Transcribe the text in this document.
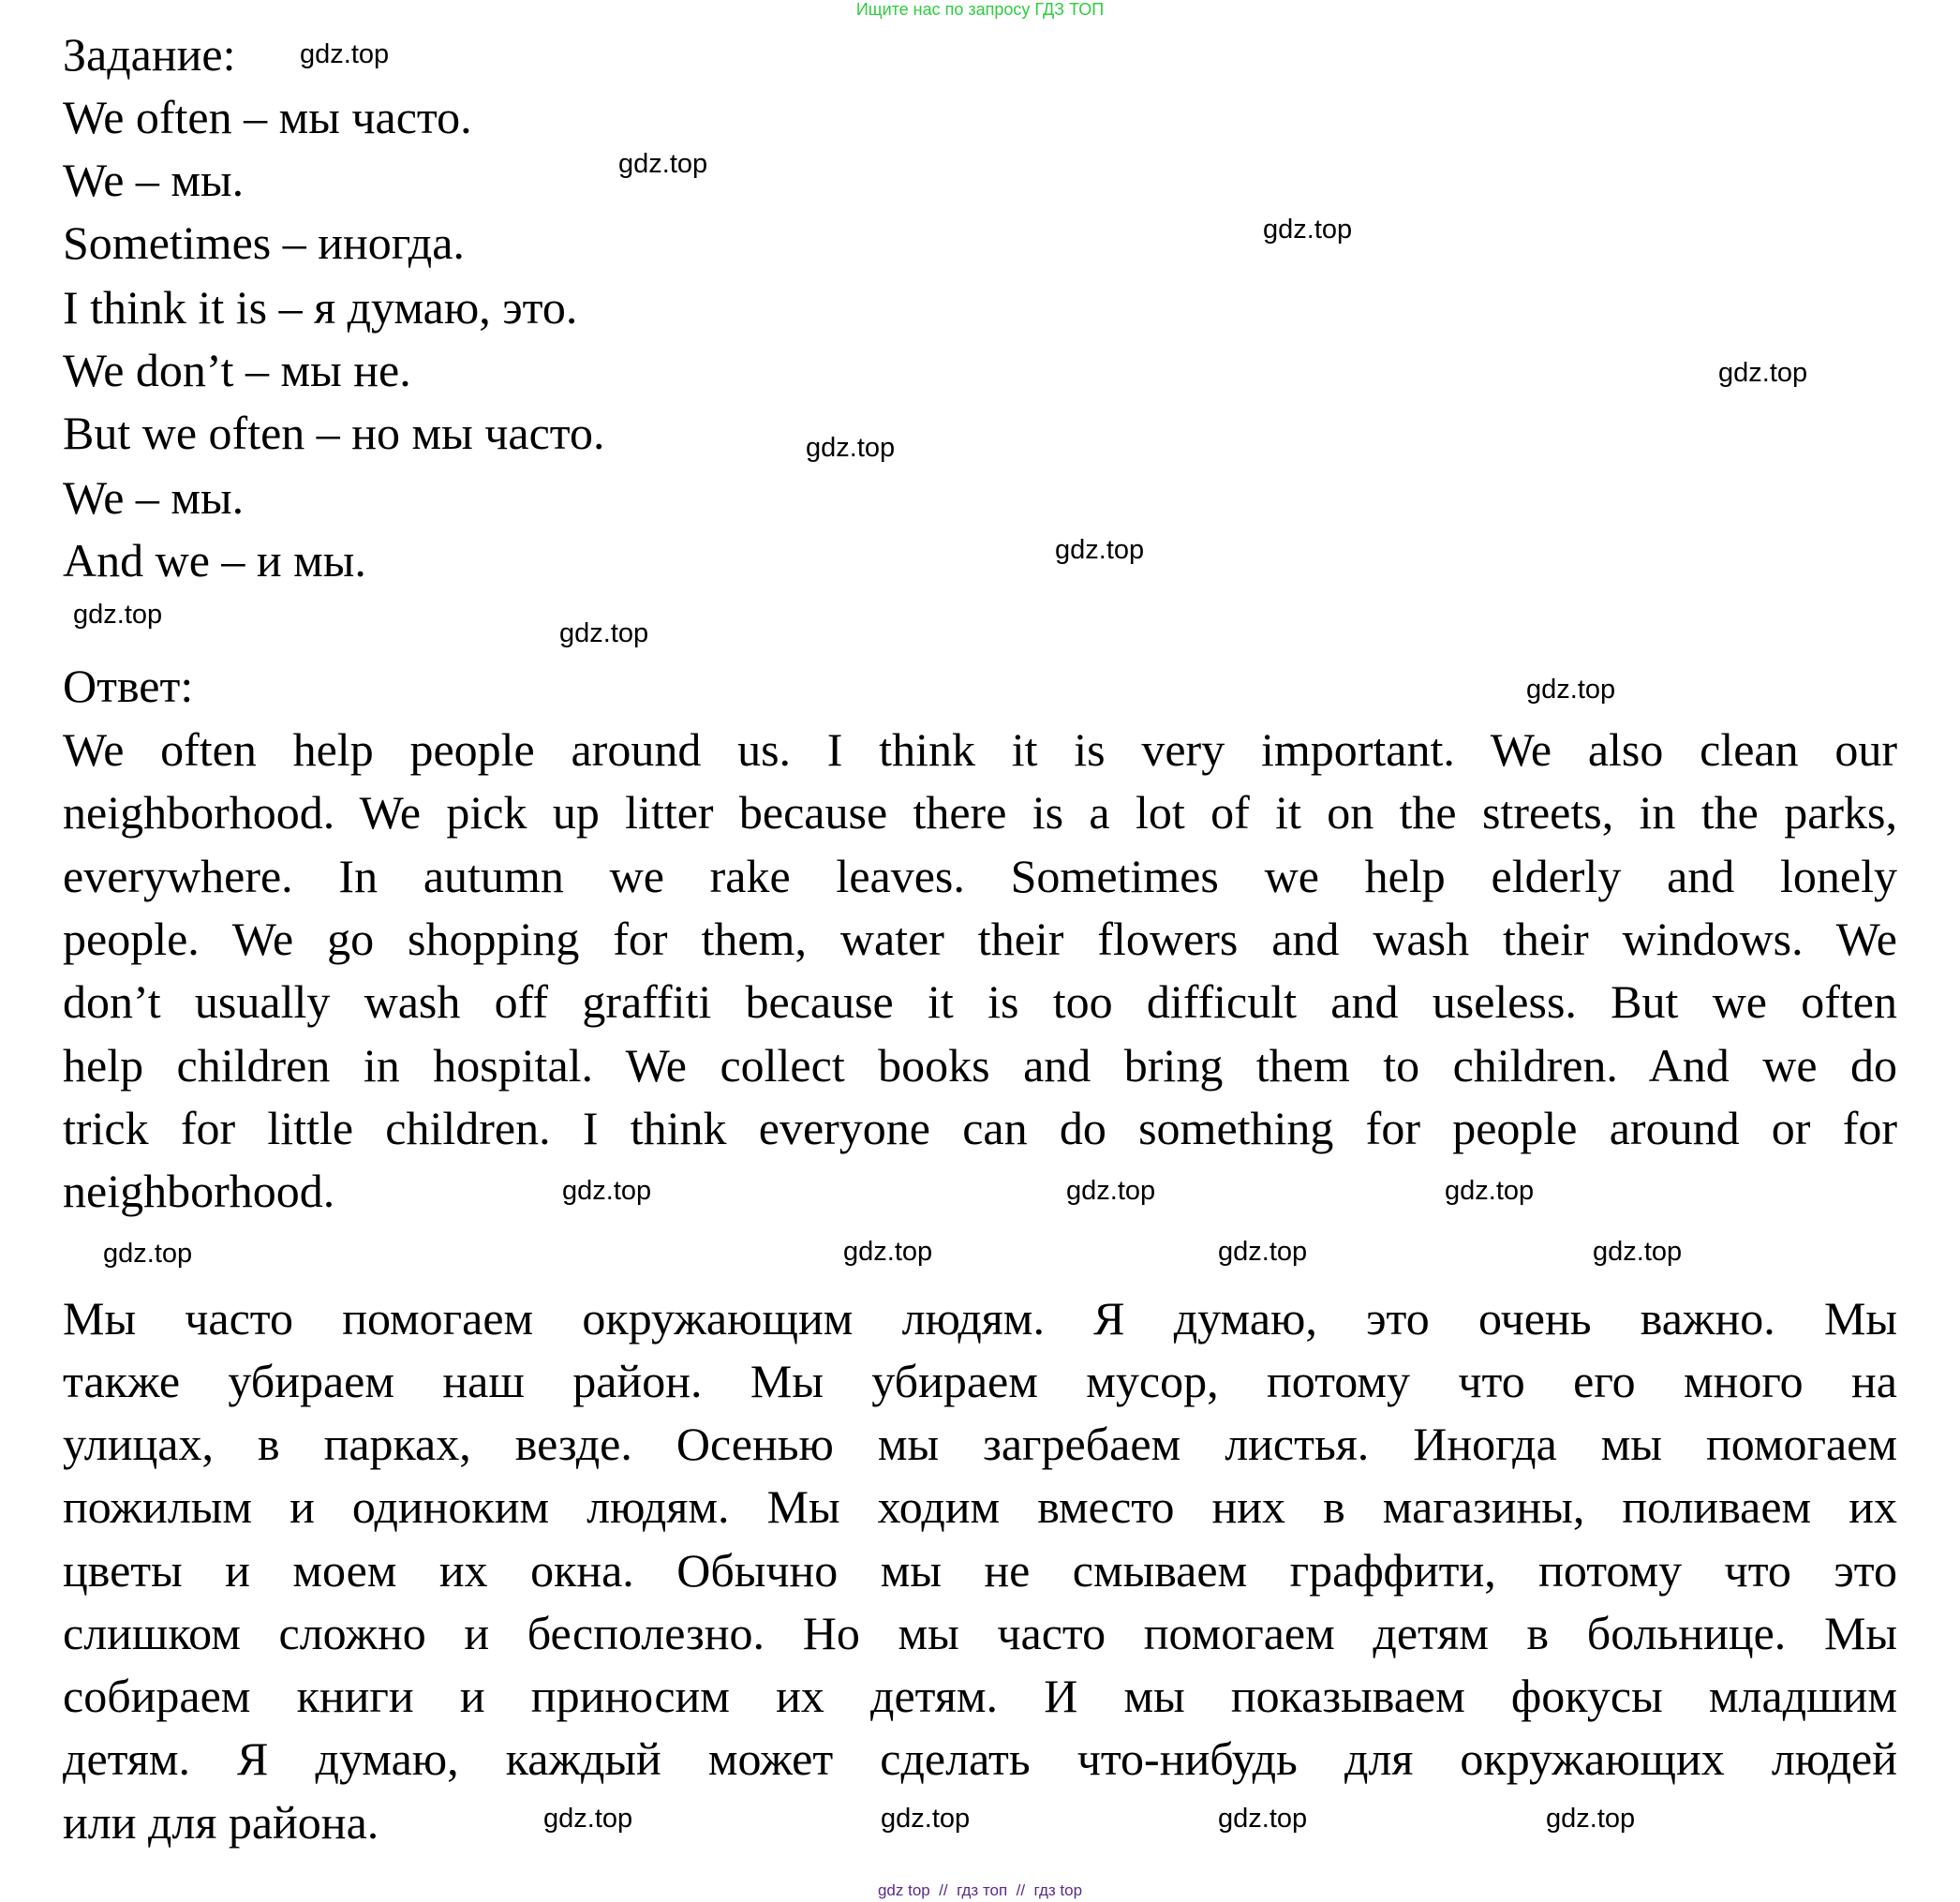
Ищите нас по запросу ГДЗ ТОП
Задание:
We often – мы часто.
We – мы.
Sometimes – иногда.
I think it is – я думаю, это.
We don’t – мы не.
But we often – но мы часто.
We – мы.
And we – и мы.
Ответ:
We often help people around us. I think it is very important. We also clean our
neighborhood. We pick up litter because there is a lot of it on the streets, in the parks,
everywhere. In autumn we rake leaves. Sometimes we help elderly and lonely
people. We go shopping for them, water their flowers and wash their windows. We
don’t usually wash off graffiti because it is too difficult and useless. But we often
help children in hospital. We collect books and bring them to children. And we do
trick for little children. I think everyone can do something for people around or for
neighborhood.
Мы часто помогаем окружающим людям. Я думаю, это очень важно. Мы
также убираем наш район. Мы убираем мусор, потому что его много на
улицах, в парках, везде. Осенью мы загребаем листья. Иногда мы помогаем
пожилым и одиноким людям. Мы ходим вместо них в магазины, поливаем их
цветы и моем их окна. Обычно мы не смываем граффити, потому что это
слишком сложно и бесполезно. Но мы часто помогаем детям в больнице. Мы
собираем книги и приносим их детям. И мы показываем фокусы младшим
детям. Я думаю, каждый может сделать что-нибудь для окружающих людей
или для района.
gdz.top
gdz.top
gdz.top
gdz.top
gdz.top
gdz.top
gdz.top
gdz.top
gdz.top
gdz.top
gdz.top
gdz.top
gdz.top
gdz.top
gdz.top	gdz.top
gdz.top	gdz.top
gdz.top	gdz.top
gdz top  //  гдз топ  //  гдз top
